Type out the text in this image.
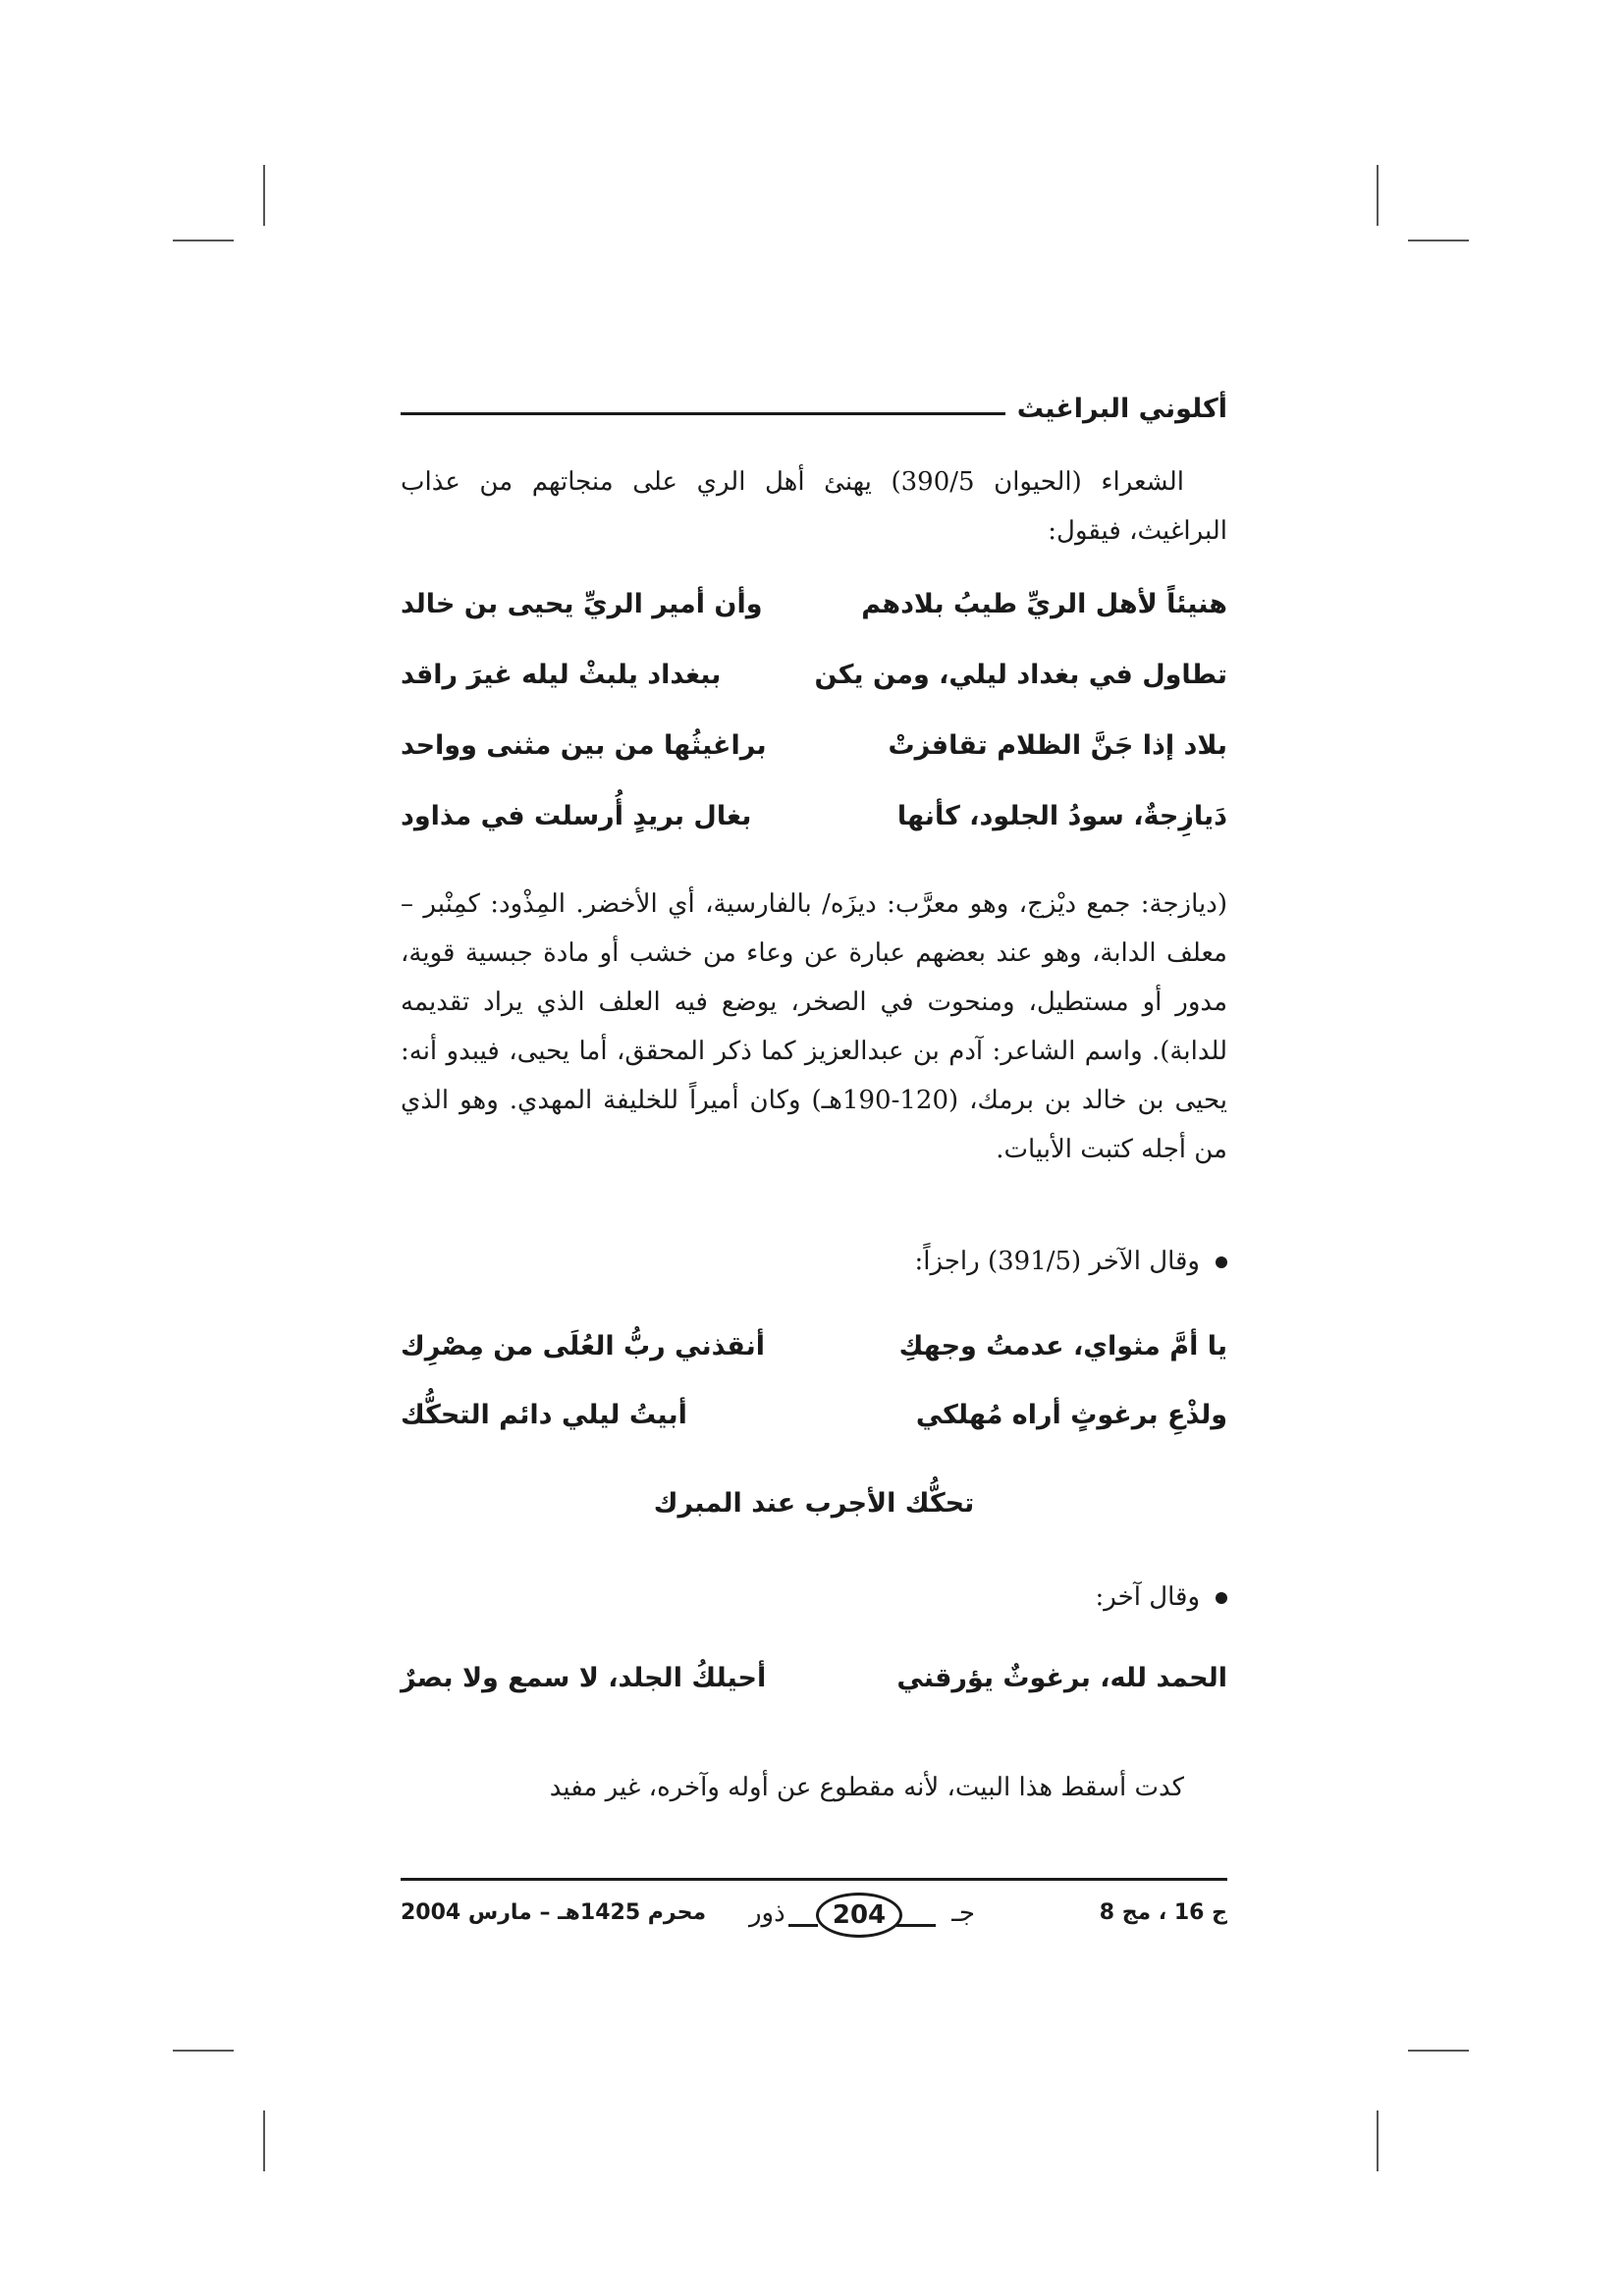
أكلوني البراغيث

الشعراء (الحيوان 390/5) يهنئ أهل الري على منجاتهم من عذاب البراغيث، فيقول:

هنيئاً لأهل الريِّ طيبُ بلادهم
وأن أمير الريِّ يحيى بن خالد
تطاول في بغداد ليلي، ومن يكن
ببغداد يلبثْ ليله غيرَ راقد
بلاد إذا جَنَّ الظلام تقافزتْ
براغيثُها من بين مثنى وواحد
دَيازِجةٌ، سودُ الجلود، كأنها
بغال بريدٍ أُرسلت في مذاود

(ديازجة: جمع ديْزج، وهو معرَّب: ديزَه/ بالفارسية، أي الأخضر. المِذْود: كمِنْبر – معلف الدابة، وهو عند بعضهم عبارة عن وعاء من خشب أو مادة جبسية قوية، مدور أو مستطيل، ومنحوت في الصخر، يوضع فيه العلف الذي يراد تقديمه للدابة). واسم الشاعر: آدم بن عبدالعزيز كما ذكر المحقق، أما يحيى، فيبدو أنه: يحيى بن خالد بن برمك، (120-190هـ) وكان أميراً للخليفة المهدي. وهو الذي من أجله كتبت الأبيات.

وقال الآخر (391/5) راجزاً:
يا أمَّ مثواي، عدمتُ وجهكِ
أنقذني ربُّ العُلَى من مِصْرِك
ولذْعِ برغوثٍ أراه مُهلكي
أبيتُ ليلي دائم التحكُّك
تحكُّك الأجرب عند المبرك
وقال آخر:
الحمد لله، برغوثٌ يؤرقني
أحيلكُ الجلد، لا سمع ولا بصرٌ

كدت أسقط هذا البيت، لأنه مقطوع عن أوله وآخره، غير مفيد

ج 16 ، مج 8
جـ
204
ذور
محرم 1425هـ – مارس 2004
